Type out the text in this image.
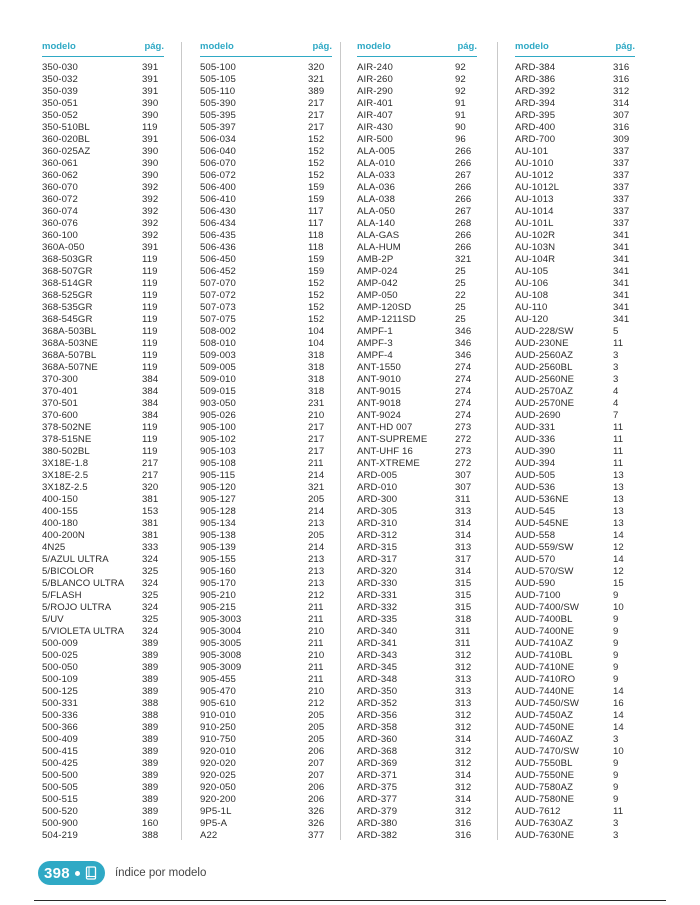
modelo	pág.
350-030	391
350-032	391
350-039	391
350-051	390
350-052	390
350-510BL	119
360-020BL	391
360-025AZ	390
360-061	390
360-062	390
360-070	392
360-072	392
360-074	392
360-076	392
360-100	392
360A-050	391
368-503GR	119
368-507GR	119
368-514GR	119
368-525GR	119
368-535GR	119
368-545GR	119
368A-503BL	119
368A-503NE	119
368A-507BL	119
368A-507NE	119
370-300	384
370-401	384
370-501	384
370-600	384
378-502NE	119
378-515NE	119
380-502BL	119
3X18E-1.8	217
3X18E-2.5	217
3X18Z-2.5	320
400-150	381
400-155	153
400-180	381
400-200N	381
4N25	333
5/AZUL ULTRA	324
5/BICOLOR	325
5/BLANCO ULTRA 324
5/FLASH	325
5/ROJO ULTRA	324
5/UV	325
5/VIOLETA ULTRA 324
500-009	389
500-025	389
500-050	389
500-109	389
500-125	389
500-331	388
500-336	388
500-366	389
500-409	389
500-415	389
500-425	389
500-500	389
500-505	389
500-515	389
500-520	389
500-900	160
504-219	388
modelo	pág.
505-100	320
505-105	321
505-110	389
505-390	217
505-395	217
505-397	217
506-034	152
506-040	152
506-070	152
506-072	152
506-400	159
506-410	159
506-430	117
506-434	117
506-435	118
506-436	118
506-450	159
506-452	159
507-070	152
507-072	152
507-073	152
507-075	152
508-002	104
508-010	104
509-003	318
509-005	318
509-010	318
509-015	318
903-050	231
905-026	210
905-100	217
905-102	217
905-103	217
905-108	211
905-115	214
905-120	321
905-127	205
905-128	214
905-134	213
905-138	205
905-139	214
905-155	213
905-160	213
905-170	213
905-210	212
905-215	211
905-3003	211
905-3004	210
905-3005	211
905-3008	210
905-3009	211
905-455	211
905-470	210
905-610	212
910-010	205
910-250	205
910-750	205
920-010	206
920-020	207
920-025	207
920-050	206
920-200	206
9P5-1L	326
9P5-A	326
A22	377
modelo	pág.
AIR-240	92
AIR-260	92
AIR-290	92
AIR-401	91
AIR-407	91
AIR-430	90
AIR-500	96
ALA-005	266
ALA-010	266
ALA-033	267
ALA-036	266
ALA-038	266
ALA-050	267
ALA-140	268
ALA-GAS	266
ALA-HUM	266
AMB-2P	321
AMP-024	25
AMP-042	25
AMP-050	22
AMP-120SD	25
AMP-1211SD	25
AMPF-1	346
AMPF-3	346
AMPF-4	346
ANT-1550	274
ANT-9010	274
ANT-9015	274
ANT-9018	274
ANT-9024	274
ANT-HD 007	273
ANT-SUPREME	272
ANT-UHF 16	273
ANT-XTREME	272
ARD-005	307
ARD-010	307
ARD-300	311
ARD-305	313
ARD-310	314
ARD-312	314
ARD-315	313
ARD-317	317
ARD-320	314
ARD-330	315
ARD-331	315
ARD-332	315
ARD-335	318
ARD-340	311
ARD-341	311
ARD-343	312
ARD-345	312
ARD-348	313
ARD-350	313
ARD-352	313
ARD-356	312
ARD-358	312
ARD-360	314
ARD-368	312
ARD-369	312
ARD-371	314
ARD-375	312
ARD-377	314
ARD-379	312
ARD-380	316
ARD-382	316
modelo	pág.
ARD-384	316
ARD-386	316
ARD-392	312
ARD-394	314
ARD-395	307
ARD-400	316
ARD-700	309
AU-101	337
AU-1010	337
AU-1012	337
AU-1012L	337
AU-1013	337
AU-1014	337
AU-101L	337
AU-102R	341
AU-103N	341
AU-104R	341
AU-105	341
AU-106	341
AU-108	341
AU-110	341
AU-120	341
AUD-228/SW	5
AUD-230NE	11
AUD-2560AZ	3
AUD-2560BL	3
AUD-2560NE	3
AUD-2570AZ	4
AUD-2570NE	4
AUD-2690	7
AUD-331	11
AUD-336	11
AUD-390	11
AUD-394	11
AUD-505	13
AUD-536	13
AUD-536NE	13
AUD-545	13
AUD-545NE	13
AUD-558	14
AUD-559/SW	12
AUD-570	14
AUD-570/SW	12
AUD-590	15
AUD-7100	9
AUD-7400/SW	10
AUD-7400BL	9
AUD-7400NE	9
AUD-7410AZ	9
AUD-7410BL	9
AUD-7410NE	9
AUD-7410RO	9
AUD-7440NE	14
AUD-7450/SW	16
AUD-7450AZ	14
AUD-7450NE	14
AUD-7460AZ	3
AUD-7470/SW	10
AUD-7550BL	9
AUD-7550NE	9
AUD-7580AZ	9
AUD-7580NE	9
AUD-7612	11
AUD-7630AZ	3
AUD-7630NE	3
398	índice por modelo
